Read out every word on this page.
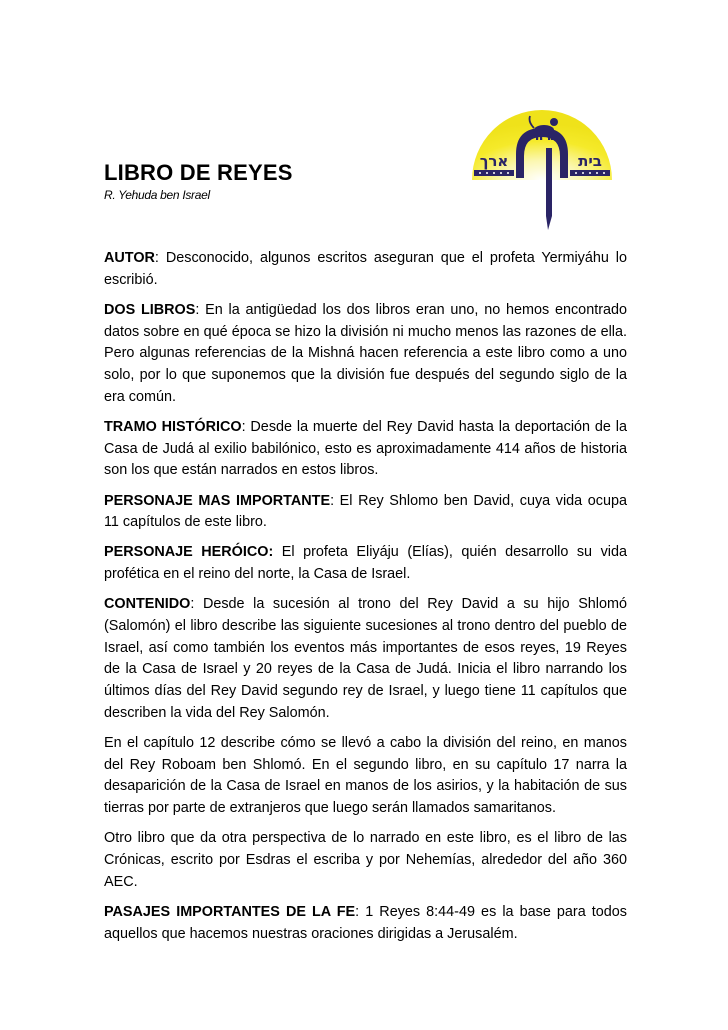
ארך	בית
LIBRO DE REYES
R. Yehuda ben Israel

AUTOR: Desconocido, algunos escritos aseguran que el profeta Yermiyáhu lo escribió.

DOS LIBROS: En la antigüedad los dos libros eran uno, no hemos encontrado datos sobre en qué época se hizo la división ni mucho menos las razones de ella. Pero algunas referencias de la Mishná hacen referencia a este libro como a uno solo, por lo que suponemos que la división fue después del segundo siglo de la era común.

TRAMO HISTÓRICO: Desde la muerte del Rey David hasta la deportación de la Casa de Judá al exilio babilónico, esto es aproximadamente 414 años de historia son los que están narrados en estos libros.

PERSONAJE MAS IMPORTANTE: El Rey Shlomo ben David, cuya vida ocupa 11 capítulos de este libro.

PERSONAJE HERÓICO: El profeta Eliyáju (Elías), quién desarrollo su vida profética en el reino del norte, la Casa de Israel.

CONTENIDO: Desde la sucesión al trono del Rey David a su hijo Shlomó (Salomón) el libro describe las siguiente sucesiones al trono dentro del pueblo de Israel, así como también los eventos más importantes de esos reyes, 19 Reyes de la Casa de Israel y 20 reyes de la Casa de Judá. Inicia el libro narrando los últimos días del Rey David segundo rey de Israel, y luego tiene 11 capítulos que describen la vida del Rey Salomón.

En el capítulo 12 describe cómo se llevó a cabo la división del reino, en manos del Rey Roboam ben Shlomó. En el segundo libro, en su capítulo 17 narra la desaparición de la Casa de Israel en manos de los asirios, y la habitación de sus tierras por parte de extranjeros que luego serán llamados samaritanos.

Otro libro que da otra perspectiva de lo narrado en este libro, es el libro de las Crónicas, escrito por Esdras el escriba y por Nehemías, alrededor del año 360 AEC.

PASAJES IMPORTANTES DE LA FE: 1 Reyes 8:44-49 es la base para todos aquellos que hacemos nuestras oraciones dirigidas a Jerusalém.
